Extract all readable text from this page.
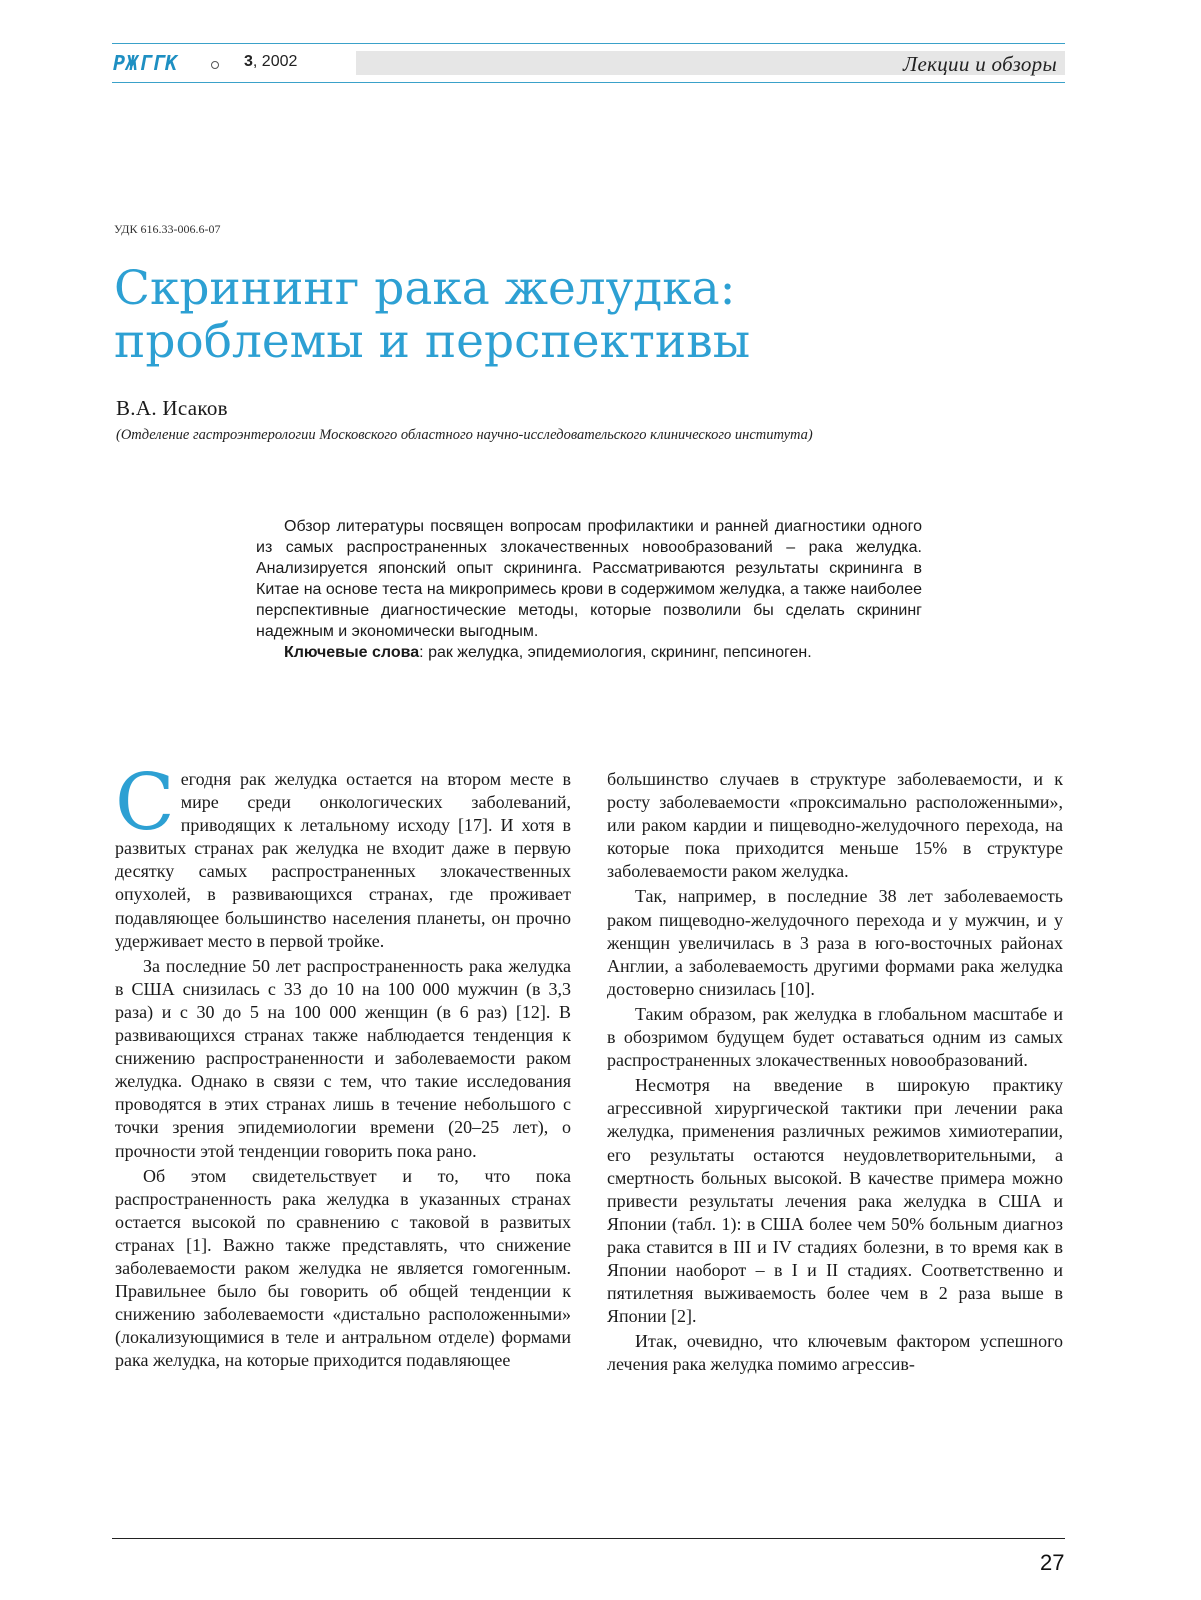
РЖГГК	3, 2002	Лекции и обзоры
УДК 616.33-006.6-07
Скрининг рака желудка:
проблемы и перспективы
В.А. Исаков
(Отделение гастроэнтерологии Московского областного научно-исследовательского клинического института)

Обзор литературы посвящен вопросам профилактики и ранней диагностики одного из самых распространенных злокачественных новообразований – рака желудка. Анализируется японский опыт скрининга. Рассматриваются результаты скрининга в Китае на основе теста на микропримесь крови в содержимом желудка, а также наиболее перспективные диагностические методы, которые позволили бы сделать скрининг надежным и экономически выгодным.

Ключевые слова: рак желудка, эпидемиология, скрининг, пепсиноген.

Сегодня рак желудка остается на втором месте в мире среди онкологических заболеваний, приводящих к летальному исходу [17]. И хотя в развитых странах рак желудка не входит даже в первую десятку самых распространенных злокачественных опухолей, в развивающихся странах, где проживает подавляющее большинство населения планеты, он прочно удерживает место в первой тройке.

За последние 50 лет распространенность рака желудка в США снизилась с 33 до 10 на 100 000 мужчин (в 3,3 раза) и с 30 до 5 на 100 000 женщин (в 6 раз) [12]. В развивающихся странах также наблюдается тенденция к снижению распространенности и заболеваемости раком желудка. Однако в связи с тем, что такие исследования проводятся в этих странах лишь в течение небольшого с точки зрения эпидемиологии времени (20–25 лет), о прочности этой тенденции говорить пока рано.

Об этом свидетельствует и то, что пока распространенность рака желудка в указанных странах остается высокой по сравнению с таковой в развитых странах [1]. Важно также представлять, что снижение заболеваемости раком желудка не является гомогенным. Правильнее было бы говорить об общей тенденции к снижению заболеваемости «дистально расположенными» (локализующимися в теле и антральном отделе) формами рака желудка, на которые приходится подавляющее

большинство случаев в структуре заболеваемости, и к росту заболеваемости «проксимально расположенными», или раком кардии и пищеводно-желудочного перехода, на которые пока приходится меньше 15% в структуре заболеваемости раком желудка.

Так, например, в последние 38 лет заболеваемость раком пищеводно-желудочного перехода и у мужчин, и у женщин увеличилась в 3 раза в юго-восточных районах Англии, а заболеваемость другими формами рака желудка достоверно снизилась [10].

Таким образом, рак желудка в глобальном масштабе и в обозримом будущем будет оставаться одним из самых распространенных злокачественных новообразований.

Несмотря на введение в широкую практику агрессивной хирургической тактики при лечении рака желудка, применения различных режимов химиотерапии, его результаты остаются неудовлетворительными, а смертность больных высокой. В качестве примера можно привести результаты лечения рака желудка в США и Японии (табл. 1): в США более чем 50% больным диагноз рака ставится в III и IV стадиях болезни, в то время как в Японии наоборот – в I и II стадиях. Соответственно и пятилетняя выживаемость более чем в 2 раза выше в Японии [2].

Итак, очевидно, что ключевым фактором успешного лечения рака желудка помимо агрессив-

27
